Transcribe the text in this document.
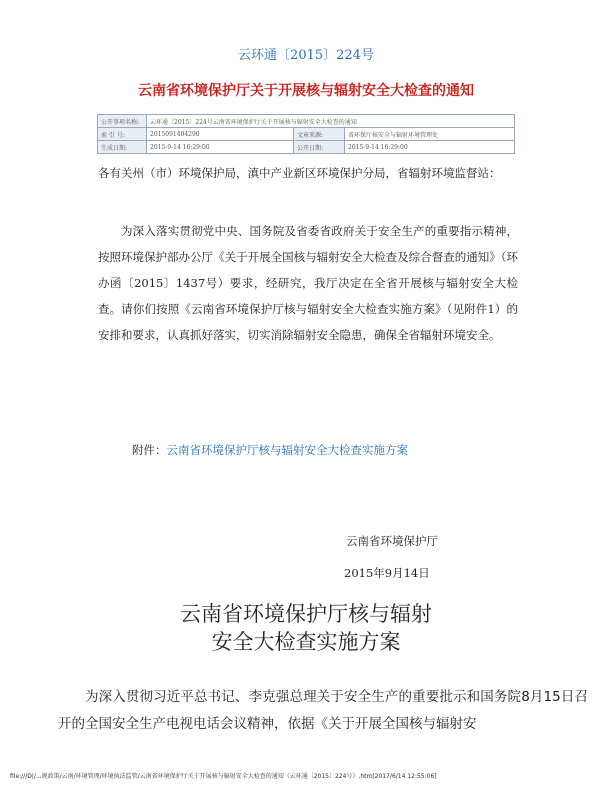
云环通〔2015〕224号
云南省环境保护厅关于开展核与辐射安全大检查的通知
公开事项名称:	云环通〔2015〕224号云南省环境保护厅关于开展核与辐射安全大检查的通知		
索 引 号:	2015091404290	文章来源:	省环保厅核安全与辐射环境管理处
生成日期:	2015-9-14 16:29:00	公开日期:	2015-9-14 16:29:00
各有关州（市）环境保护局，滇中产业新区环境保护分局，省辐射环境监督站：
为深入落实贯彻党中央、国务院及省委省政府关于安全生产的重要指示精神，按照环境保护部办公厅《关于开展全国核与辐射安全大检查及综合督查的通知》（环办函〔2015〕1437号）要求，经研究，我厅决定在全省开展核与辐射安全大检查。请你们按照《云南省环境保护厅核与辐射安全大检查实施方案》（见附件1）的安排和要求，认真抓好落实，切实消除辐射安全隐患，确保全省辐射环境安全。
附件：云南省环境保护厅核与辐射安全大检查实施方案
云南省环境保护厅
2015年9月14日
云南省环境保护厅核与辐射
安全大检查实施方案
为深入贯彻习近平总书记、李克强总理关于安全生产的重要批示和国务院8月15日召开的全国安全生产电视电话会议精神，依据《关于开展全国核与辐射安
file:///D|/...规政策/云南/环境管理/环境执法监管/云南省环境保护厅关于开展核与辐射安全大检查的通知（云环通〔2015〕224号）.htm[2017/6/14 12:55:06]
